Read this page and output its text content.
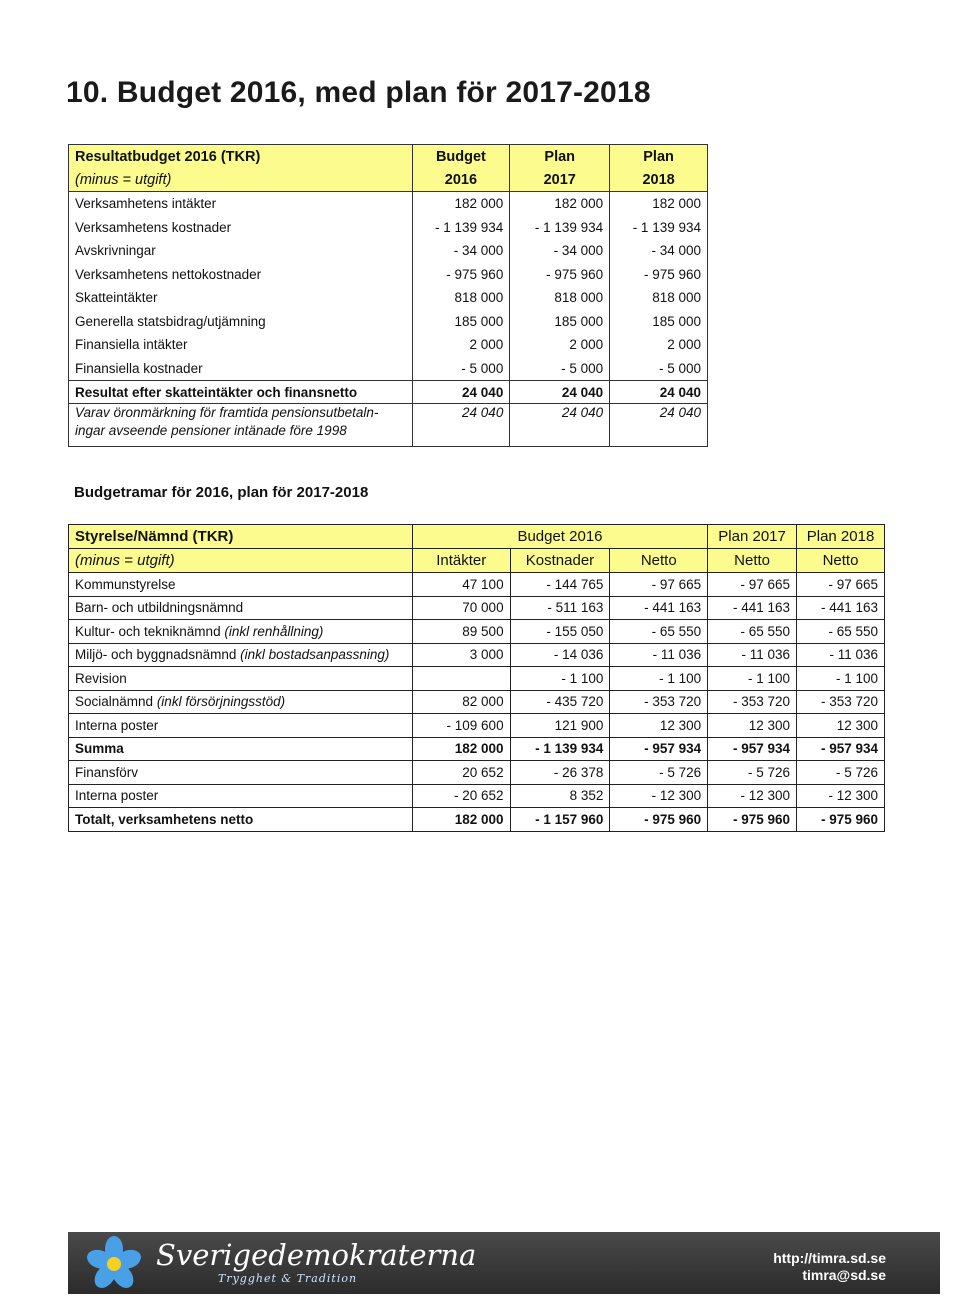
10. Budget 2016, med plan för 2017-2018
Resultatbudget 2016 (TKR)	Budget	Plan	Plan
(minus = utgift)	2016	2017	2018
Verksamhetens intäkter	182 000	182 000	182 000
Verksamhetens kostnader	- 1 139 934	- 1 139 934	- 1 139 934
Avskrivningar	- 34 000	- 34 000	- 34 000
Verksamhetens nettokostnader	- 975 960	- 975 960	- 975 960
Skatteintäkter	818 000	818 000	818 000
Generella statsbidrag/utjämning	185 000	185 000	185 000
Finansiella intäkter	2 000	2 000	2 000
Finansiella kostnader	- 5 000	- 5 000	- 5 000
Resultat efter skatteintäkter och finansnetto	24 040	24 040	24 040
Varav öronmärkning för framtida pensionsutbetaln- ingar avseende pensioner intänade före 1998	24 040	24 040	24 040
Budgetramar för 2016, plan för 2017-2018
Styrelse/Nämnd (TKR)	Budget 2016			Plan 2017	Plan 2018
(minus = utgift)	Intäkter	Kostnader	Netto	Netto	Netto
Kommunstyrelse	47 100	- 144 765	- 97 665	- 97 665	- 97 665
Barn- och utbildningsnämnd	70 000	- 511 163	- 441 163	- 441 163	- 441 163
Kultur- och tekniknämnd (inkl renhållning)	89 500	- 155 050	- 65 550	- 65 550	- 65 550
Miljö- och byggnadsnämnd (inkl bostadsanpassning)	3 000	- 14 036	- 11 036	- 11 036	- 11 036
Revision		- 1 100	- 1 100	- 1 100	- 1 100
Socialnämnd (inkl försörjningsstöd)	82 000	- 435 720	- 353 720	- 353 720	- 353 720
Interna poster	- 109 600	121 900	12 300	12 300	12 300
Summa	182 000	- 1 139 934	- 957 934	- 957 934	- 957 934
Finansförv	20 652	- 26 378	- 5 726	- 5 726	- 5 726
Interna poster	- 20 652	8 352	- 12 300	- 12 300	- 12 300
Totalt, verksamhetens netto	182 000	- 1 157 960	- 975 960	- 975 960	- 975 960
Sverigedemokraterna
Trygghet & Tradition
http://timra.sd.se
timra@sd.se
